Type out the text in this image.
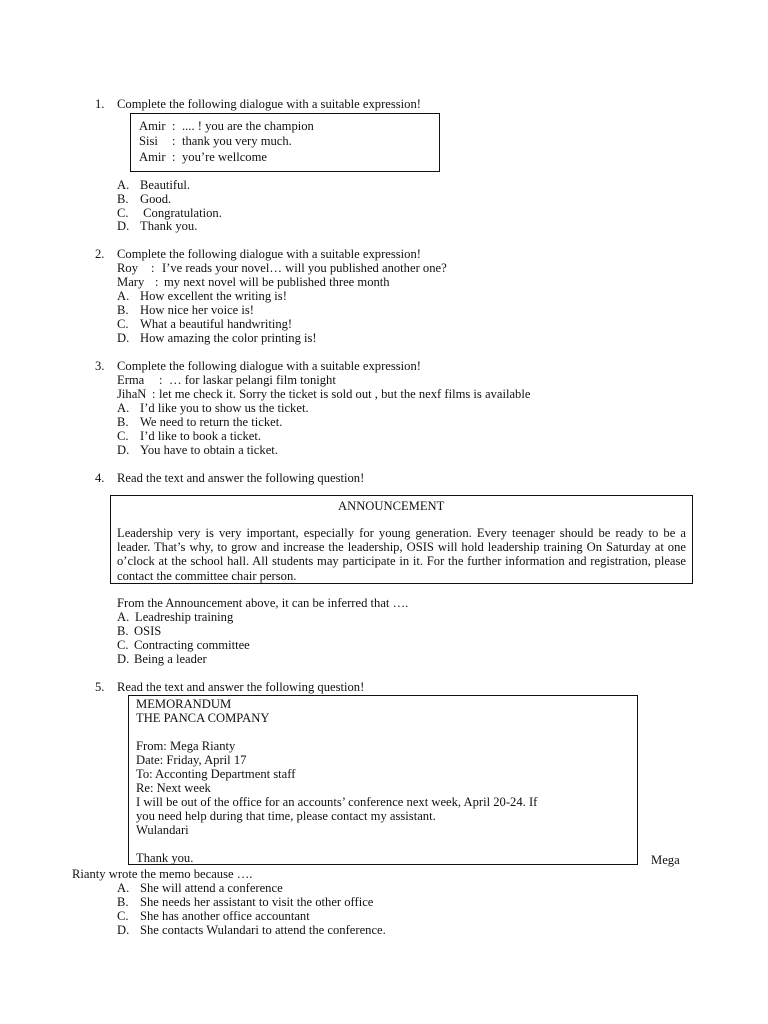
1. Complete the following dialogue with a suitable expression!
Amir : .... ! you are the champion
Sisi : thank you very much.
Amir : you’re wellcome
A. Beautiful.
B. Good.
C. Congratulation.
D. Thank you.
2. Complete the following dialogue with a suitable expression!
Roy : I’ve reads your novel… will you published another one?
Mary : my next novel will be published three month
A. How excellent the writing is!
B. How nice her voice is!
C. What a beautiful handwriting!
D. How amazing the color printing is!
3. Complete the following dialogue with a suitable expression!
Erma : … for laskar pelangi film tonight
JihaN : let me check it. Sorry the ticket is sold out , but the nexf films is available
A. I’d like you to show us the ticket.
B. We need to return the ticket.
C. I’d like to book a ticket.
D. You have to obtain a ticket.
4. Read the text and answer the following question!
ANNOUNCEMENT
Leadership very is very important, especially for young generation. Every teenager should be ready to be a leader. That’s why, to grow and increase the leadership, OSIS will hold leadership training On Saturday at one o’clock at the school hall. All students may participate in it. For the further information and registration, please contact the committee chair person.
From the Announcement above, it can be inferred that ….
A. Leadreship training
B. OSIS
C. Contracting committee
D. Being a leader
5. Read the text and answer the following question!
MEMORANDUM
THE PANCA COMPANY
From: Mega Rianty
Date: Friday, April 17
To: Acconting Department staff
Re: Next week
I will be out of the office for an accounts’ conference next week, April 20-24. If
you need help during that time, please contact my assistant.
Wulandari
Thank you.	Mega
Rianty wrote the memo because ….
A. She will attend a conference
B. She needs her assistant to visit the other office
C. She has another office accountant
D. She contacts Wulandari to attend the conference.
